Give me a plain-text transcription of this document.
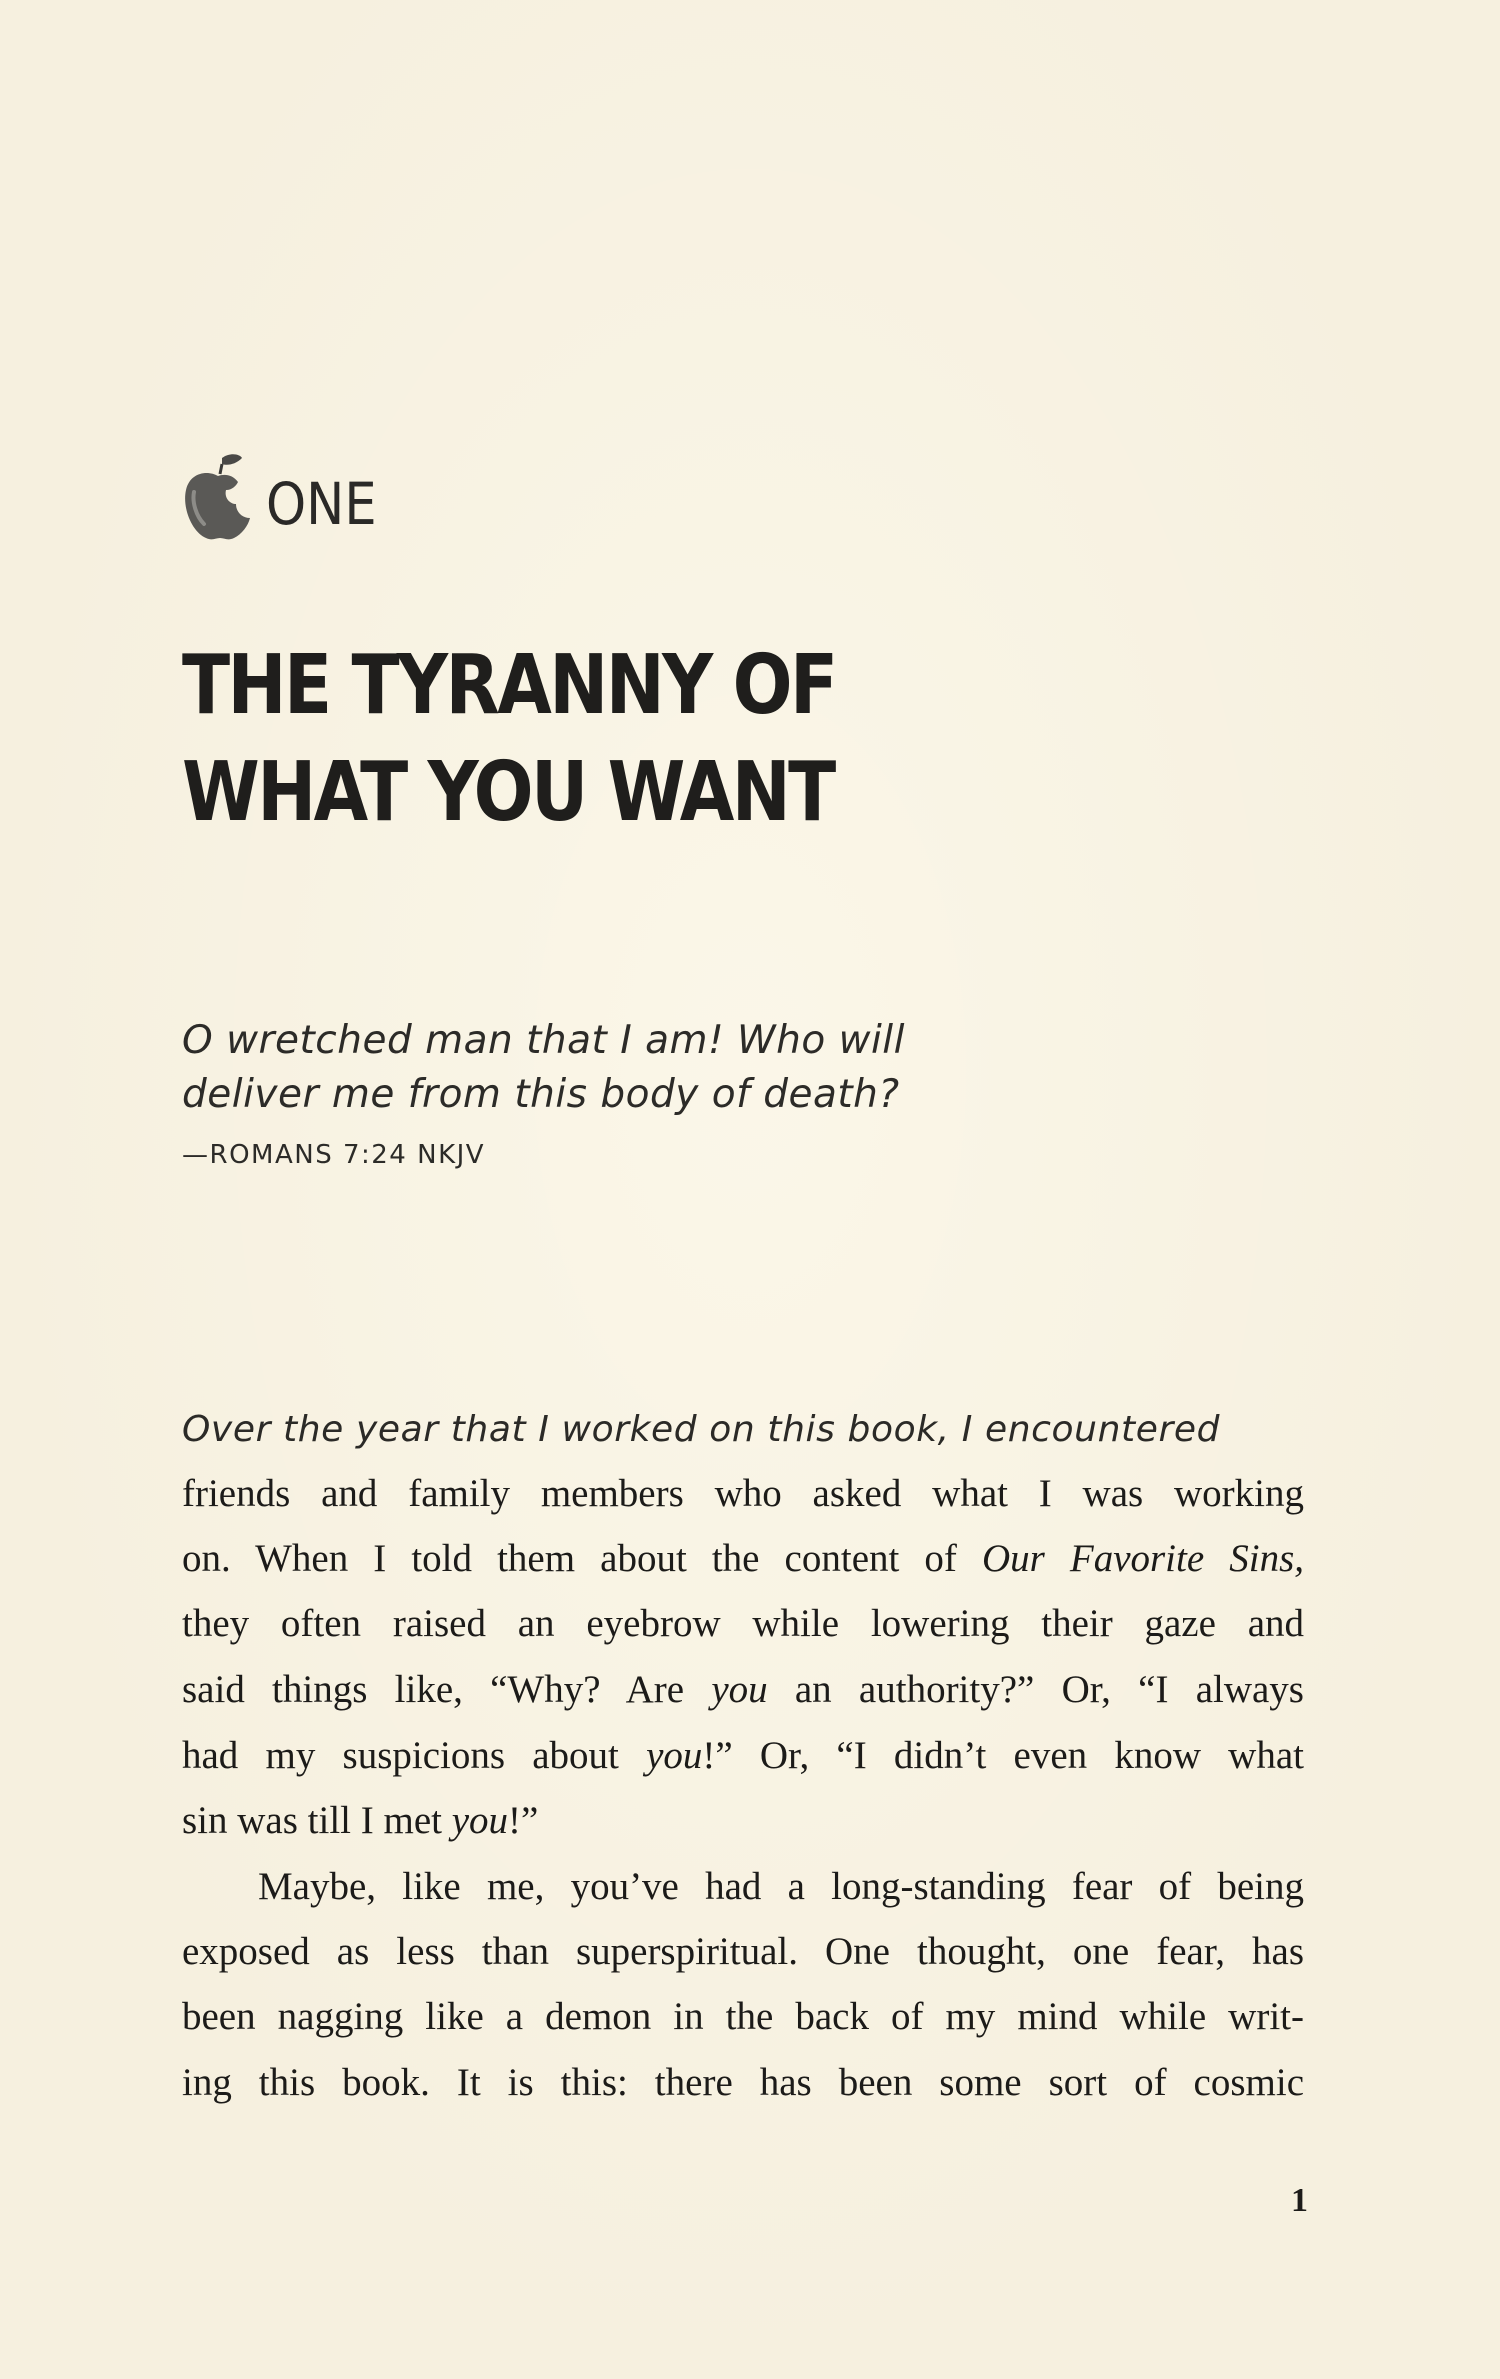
ONE
THE TYRANNY OF
WHAT YOU WANT
O wretched man that I am! Who will
deliver me from this body of death?
—ROMANS 7:24 NKJV
Over the year that I worked on this book, I encountered
friends and family members who asked what I was working
on. When I told them about the content of Our Favorite Sins,
they often raised an eyebrow while lowering their gaze and
said things like, “Why? Are you an authority?” Or, “I always
had my suspicions about you!” Or, “I didn’t even know what
sin was till I met you!”
Maybe, like me, you’ve had a long-standing fear of being
exposed as less than superspiritual. One thought, one fear, has
been nagging like a demon in the back of my mind while writ-
ing this book. It is this: there has been some sort of cosmic
1
